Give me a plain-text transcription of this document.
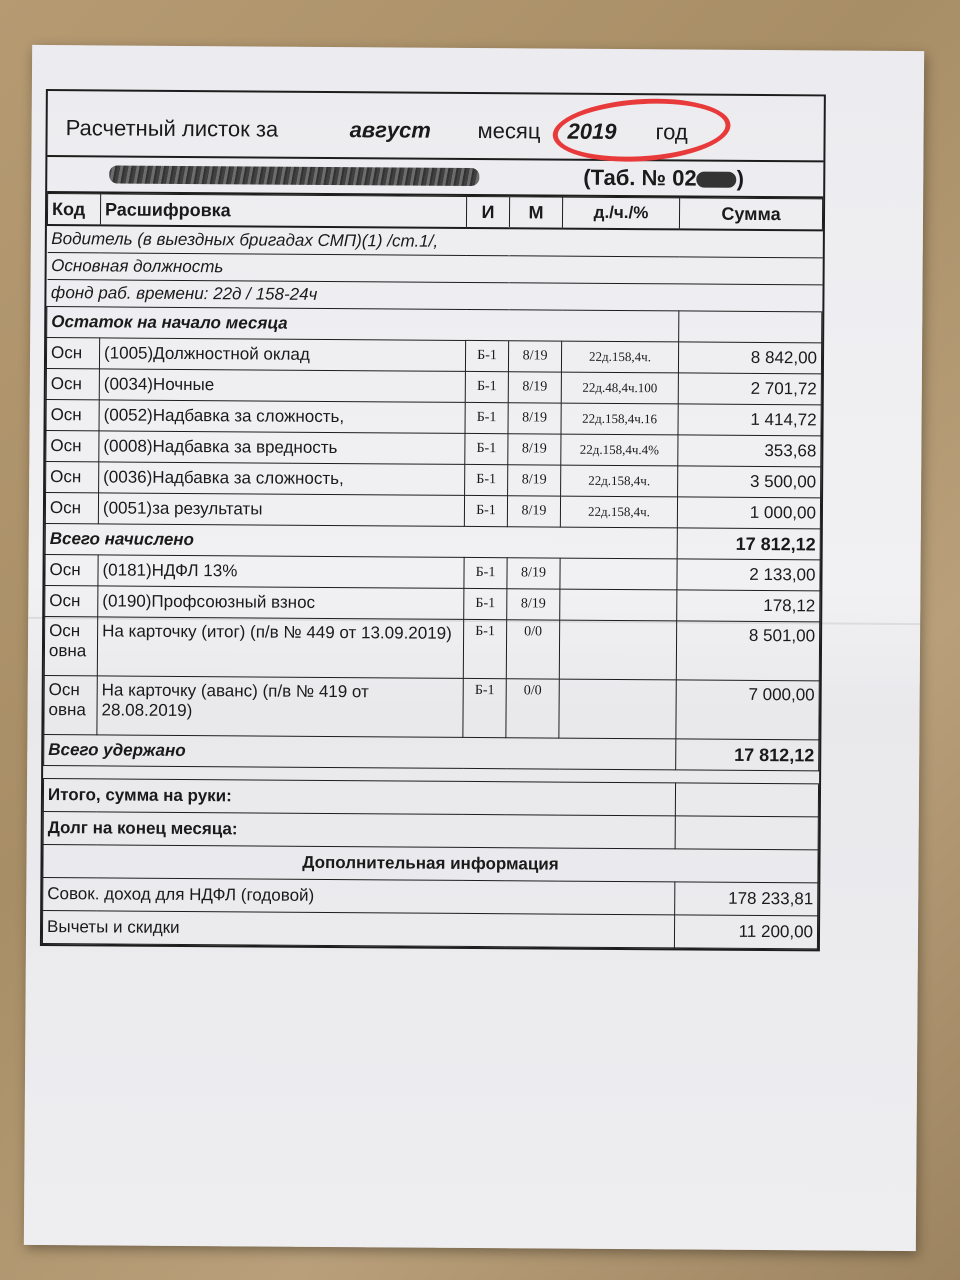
Расчетный листок за	август месяц 2019 год
(Таб. № 02 )
Код	Расшифровка	И	М	д./ч./%	Сумма
Водитель (в выездных бригадах СМП)(1) /ст.1/,					
Основная должность					
фонд раб. времени: 22д / 158-24ч					
Остаток на начало месяца					
Осн	(1005)Должностной оклад	Б-1	8/19	22д.158,4ч.	8 842,00
Осн	(0034)Ночные	Б-1	8/19	22д.48,4ч.100	2 701,72
Осн	(0052)Надбавка за сложность,	Б-1	8/19	22д.158,4ч.16	1 414,72
Осн	(0008)Надбавка за вредность	Б-1	8/19	22д.158,4ч.4%	353,68
Осн	(0036)Надбавка за сложность,	Б-1	8/19	22д.158,4ч.	3 500,00
Осн	(0051)за результаты	Б-1	8/19	22д.158,4ч.	1 000,00
Всего начислено					17 812,12
Осн	(0181)НДФЛ 13%	Б-1	8/19		2 133,00
Осн	(0190)Профсоюзный взнос	Б-1	8/19		178,12
Осн
овна	На карточку (итог) (п/в № 449 от 13.09.2019)	Б-1	0/0		8 501,00
Осн
овна	На карточку (аванс) (п/в № 419 от 28.08.2019)	Б-1	0/0		7 000,00
Всего удержано					17 812,12

Итого, сумма на руки:					
Долг на конец месяца:					
Дополнительная информация					
Совок. доход для НДФЛ (годовой)					178 233,81
Вычеты и скидки					11 200,00
